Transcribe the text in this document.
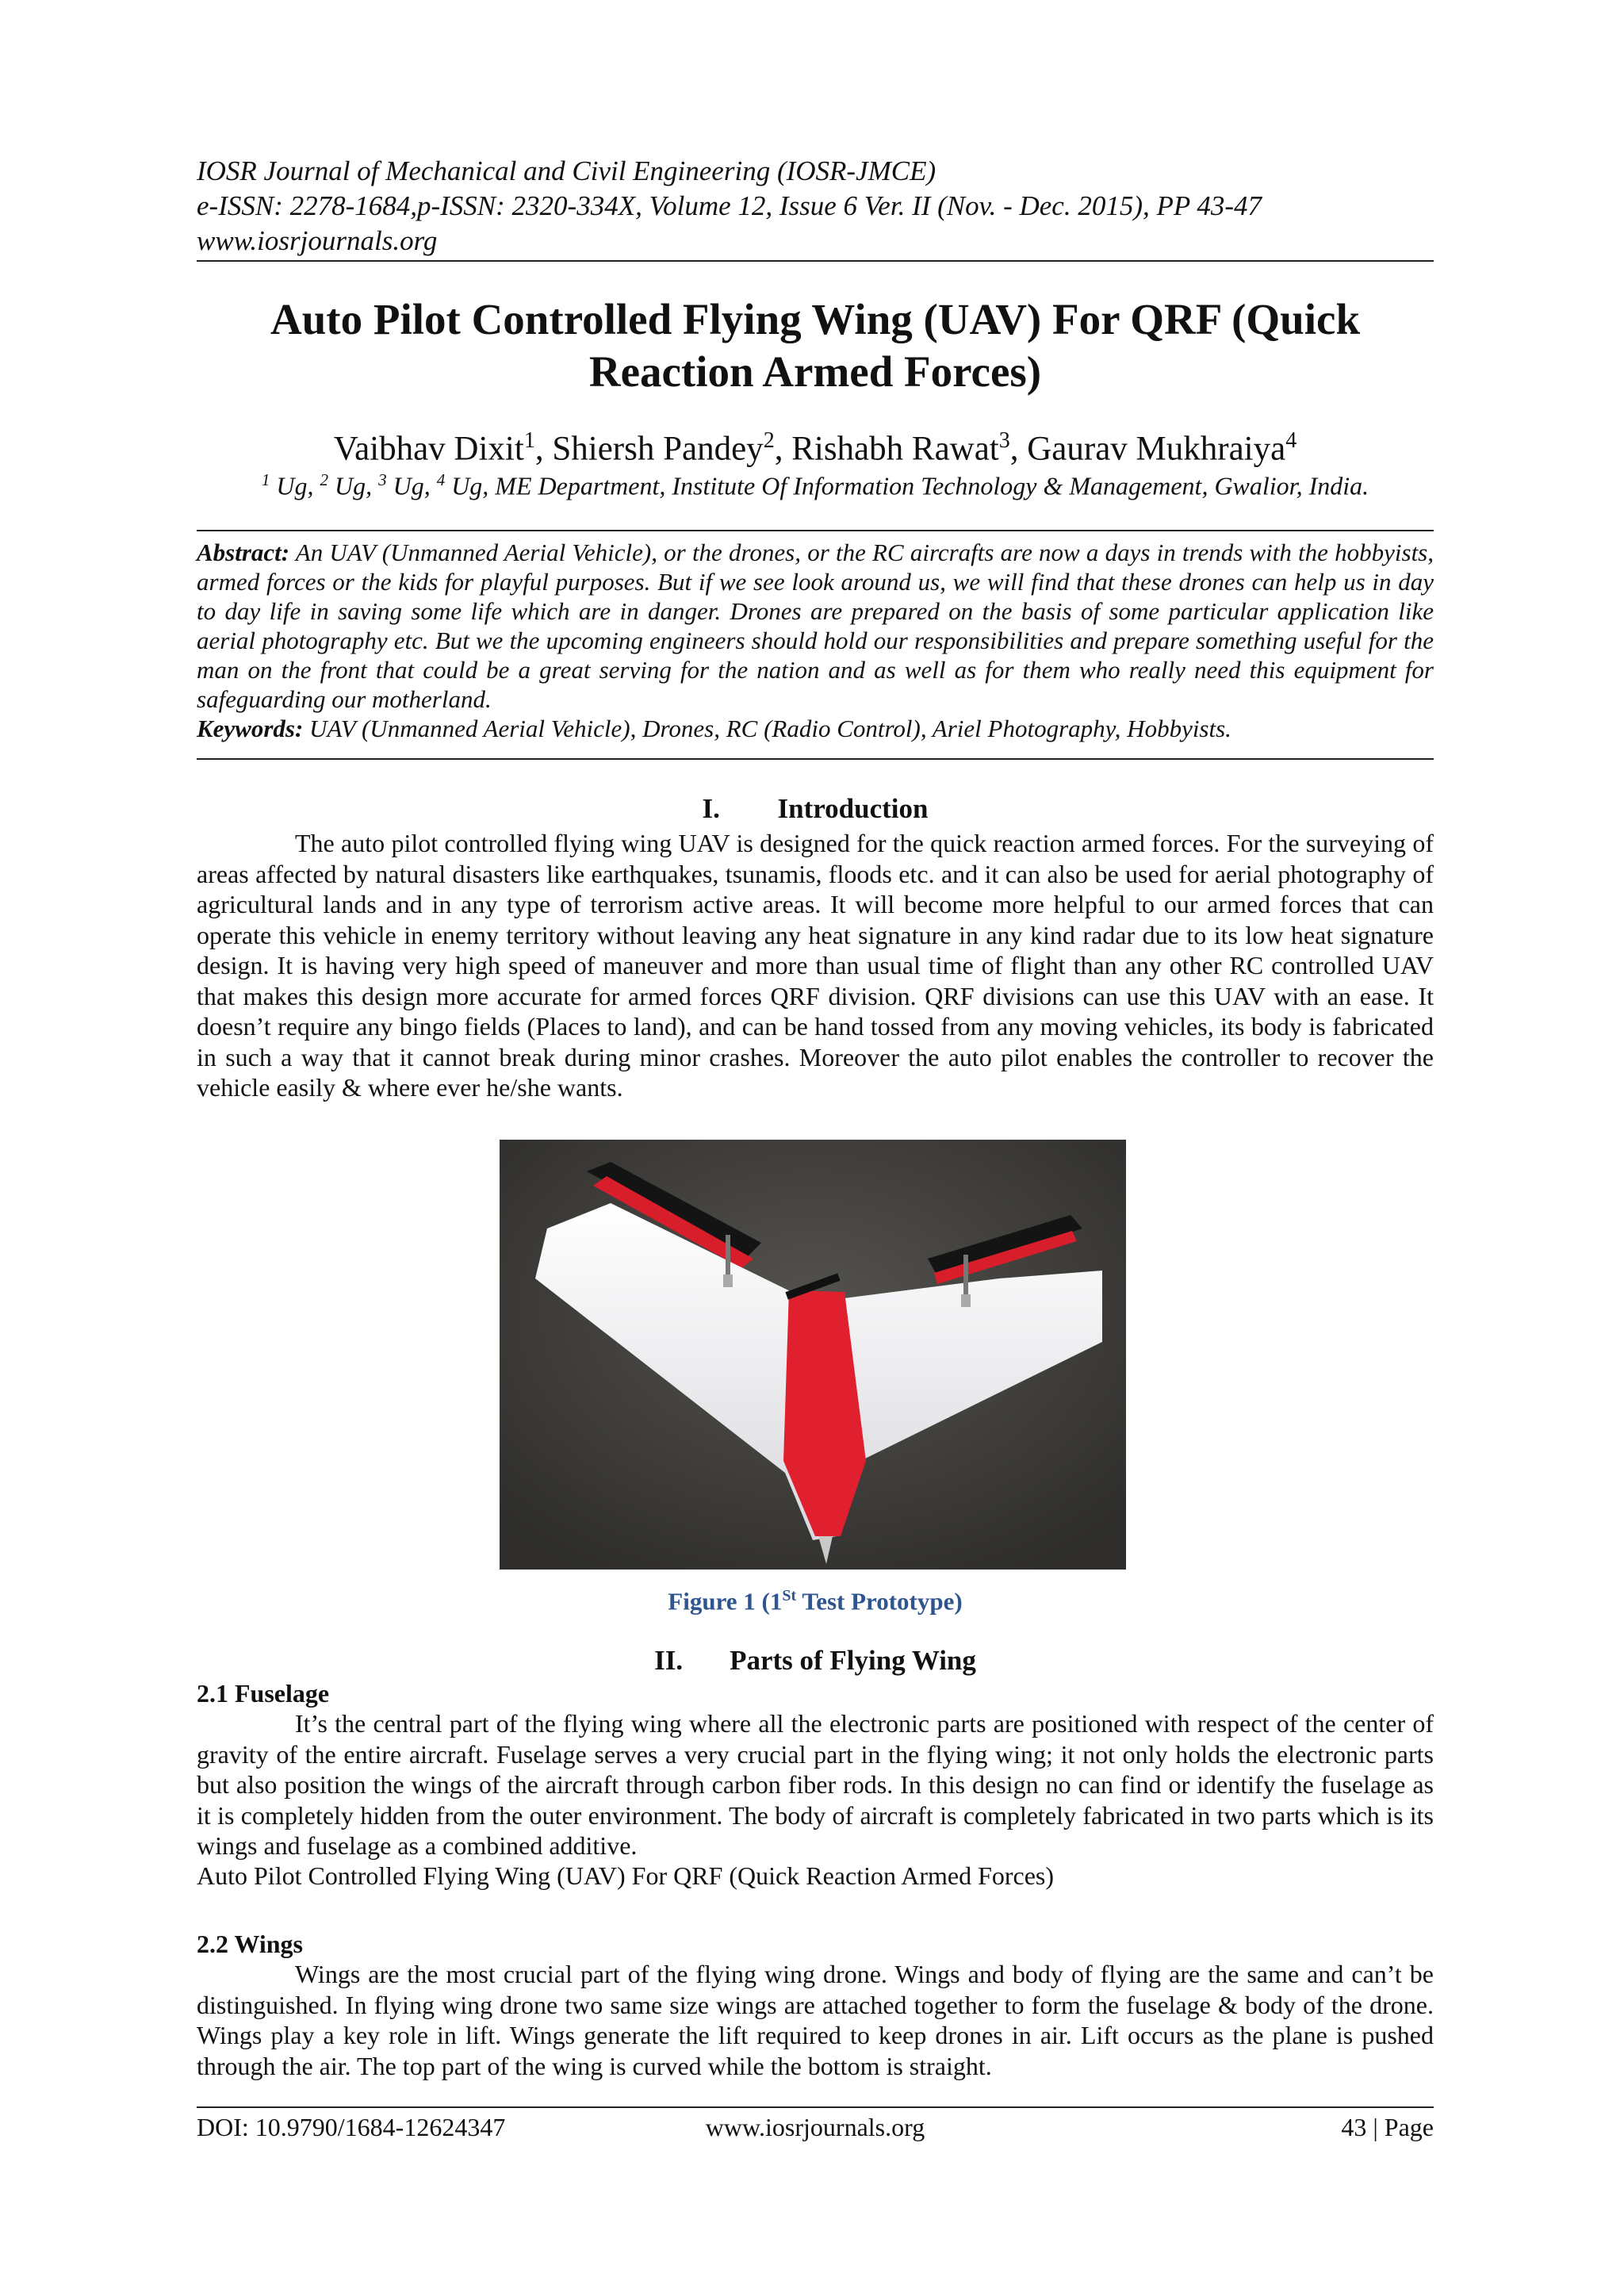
IOSR Journal of Mechanical and Civil Engineering (IOSR-JMCE)
e-ISSN: 2278-1684,p-ISSN: 2320-334X, Volume 12, Issue 6 Ver. II (Nov. - Dec. 2015), PP 43-47
www.iosrjournals.org
Auto Pilot Controlled Flying Wing (UAV) For QRF (Quick
Reaction Armed Forces)
Vaibhav Dixit$^1$, Shiersh Pandey$^2$, Rishabh Rawat$^3$, Gaurav Mukhraiya$^4$
$^1$ Ug, $^2$ Ug, $^3$ Ug, $^4$ Ug, ME Department, Institute Of Information Technology & Management, Gwalior, India.

Abstract: An UAV (Unmanned Aerial Vehicle), or the drones, or the RC aircrafts are now a days in trends with the hobbyists, armed forces or the kids for playful purposes. But if we see look around us, we will find that these drones can help us in day to day life in saving some life which are in danger. Drones are prepared on the basis of some particular application like aerial photography etc. But we the upcoming engineers should hold our responsibilities and prepare something useful for the man on the front that could be a great serving for the nation and as well as for them who really need this equipment for safeguarding our motherland.

Keywords: UAV (Unmanned Aerial Vehicle), Drones, RC (Radio Control), Ariel Photography, Hobbyists.

I. Introduction

The auto pilot controlled flying wing UAV is designed for the quick reaction armed forces. For the surveying of areas affected by natural disasters like earthquakes, tsunamis, floods etc. and it can also be used for aerial photography of agricultural lands and in any type of terrorism active areas. It will become more helpful to our armed forces that can operate this vehicle in enemy territory without leaving any heat signature in any kind radar due to its low heat signature design. It is having very high speed of maneuver and more than usual time of flight than any other RC controlled UAV that makes this design more accurate for armed forces QRF division. QRF divisions can use this UAV with an ease. It doesn’t require any bingo fields (Places to land), and can be hand tossed from any moving vehicles, its body is fabricated in such a way that it cannot break during minor crashes. Moreover the auto pilot enables the controller to recover the vehicle easily & where ever he/she wants.

Figure 1 (1St Test Prototype)
II. Parts of Flying Wing
2.1 Fuselage

It’s the central part of the flying wing where all the electronic parts are positioned with respect of the center of gravity of the entire aircraft. Fuselage serves a very crucial part in the flying wing; it not only holds the electronic parts but also position the wings of the aircraft through carbon fiber rods. In this design no can find or identify the fuselage as it is completely hidden from the outer environment. The body of aircraft is completely fabricated in two parts which is its wings and fuselage as a combined additive.

Auto Pilot Controlled Flying Wing (UAV) For QRF (Quick Reaction Armed Forces)
2.2 Wings

Wings are the most crucial part of the flying wing drone. Wings and body of flying are the same and can’t be distinguished. In flying wing drone two same size wings are attached together to form the fuselage & body of the drone. Wings play a key role in lift. Wings generate the lift required to keep drones in air. Lift occurs as the plane is pushed through the air. The top part of the wing is curved while the bottom is straight.

DOI: 10.9790/1684-12624347	www.iosrjournals.org	43 | Page
